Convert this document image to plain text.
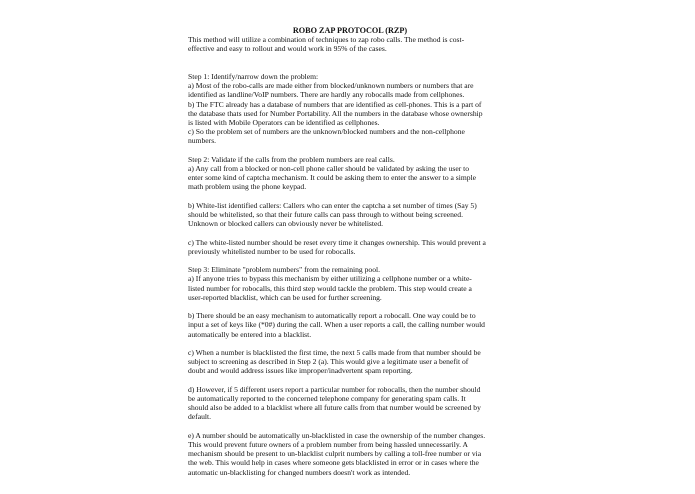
ROBO ZAP PROTOCOL (RZP)
This method will utilize a combination of techniques to zap robo calls. The method is cost-
effective and easy to rollout and would work in 95% of the cases.
Step 1: Identify/narrow down the problem:
a) Most of the robo-calls are made either from blocked/unknown numbers or numbers that are
identified as landline/VoIP numbers. There are hardly any robocalls made from cellphones.
b) The FTC already has a database of numbers that are identified as cell-phones. This is a part of
the database thats used for Number Portability. All the numbers in the database whose ownership
is listed with Mobile Operators can be identified as cellphones.
c) So the problem set of numbers are the unknown/blocked numbers and the non-cellphone
numbers.
Step 2: Validate if the calls from the problem numbers are real calls.
a) Any call from a blocked or non-cell phone caller should be validated by asking the user to
enter some kind of captcha mechanism. It could be asking them to enter the answer to a simple
math problem using the phone keypad.
b) White-list identified callers: Callers who can enter the captcha a set number of times (Say 5)
should be whitelisted, so that their future calls can pass through to without being screened.
Unknown or blocked callers can obviously never be whitelisted.
c) The white-listed number should be reset every time it changes ownership. This would prevent a
previously whitelisted number to be used for robocalls.
Step 3: Eliminate "problem numbers" from the remaining pool.
a) If anyone tries to bypass this mechanism by either utilizing a cellphone number or a white-
listed number for robocalls, this third step would tackle the problem. This step would create a
user-reported blacklist, which can be used for further screening.
b) There should be an easy mechanism to automatically report a robocall. One way could be to
input a set of keys like (*0#) during the call. When a user reports a call, the calling number would
automatically be entered into a blacklist.
c) When a number is blacklisted the first time, the next 5 calls made from that number should be
subject to screening as described in Step 2 (a). This would give a legitimate user a benefit of
doubt and would address issues like improper/inadvertent spam reporting.
d) However, if 5 different users report a particular number for robocalls, then the number should
be automatically reported to the concerned telephone company for generating spam calls. It
should also be added to a blacklist where all future calls from that number would be screened by
default.
e) A number should be automatically un-blacklisted in case the ownership of the number changes.
This would prevent future owners of a problem number from being hassled unnecessarily. A
mechanism should be present to un-blacklist culprit numbers by calling a toll-free number or via
the web. This would help in cases where someone gets blacklisted in error or in cases where the
automatic un-blacklisting for changed numbers doesn't work as intended.
